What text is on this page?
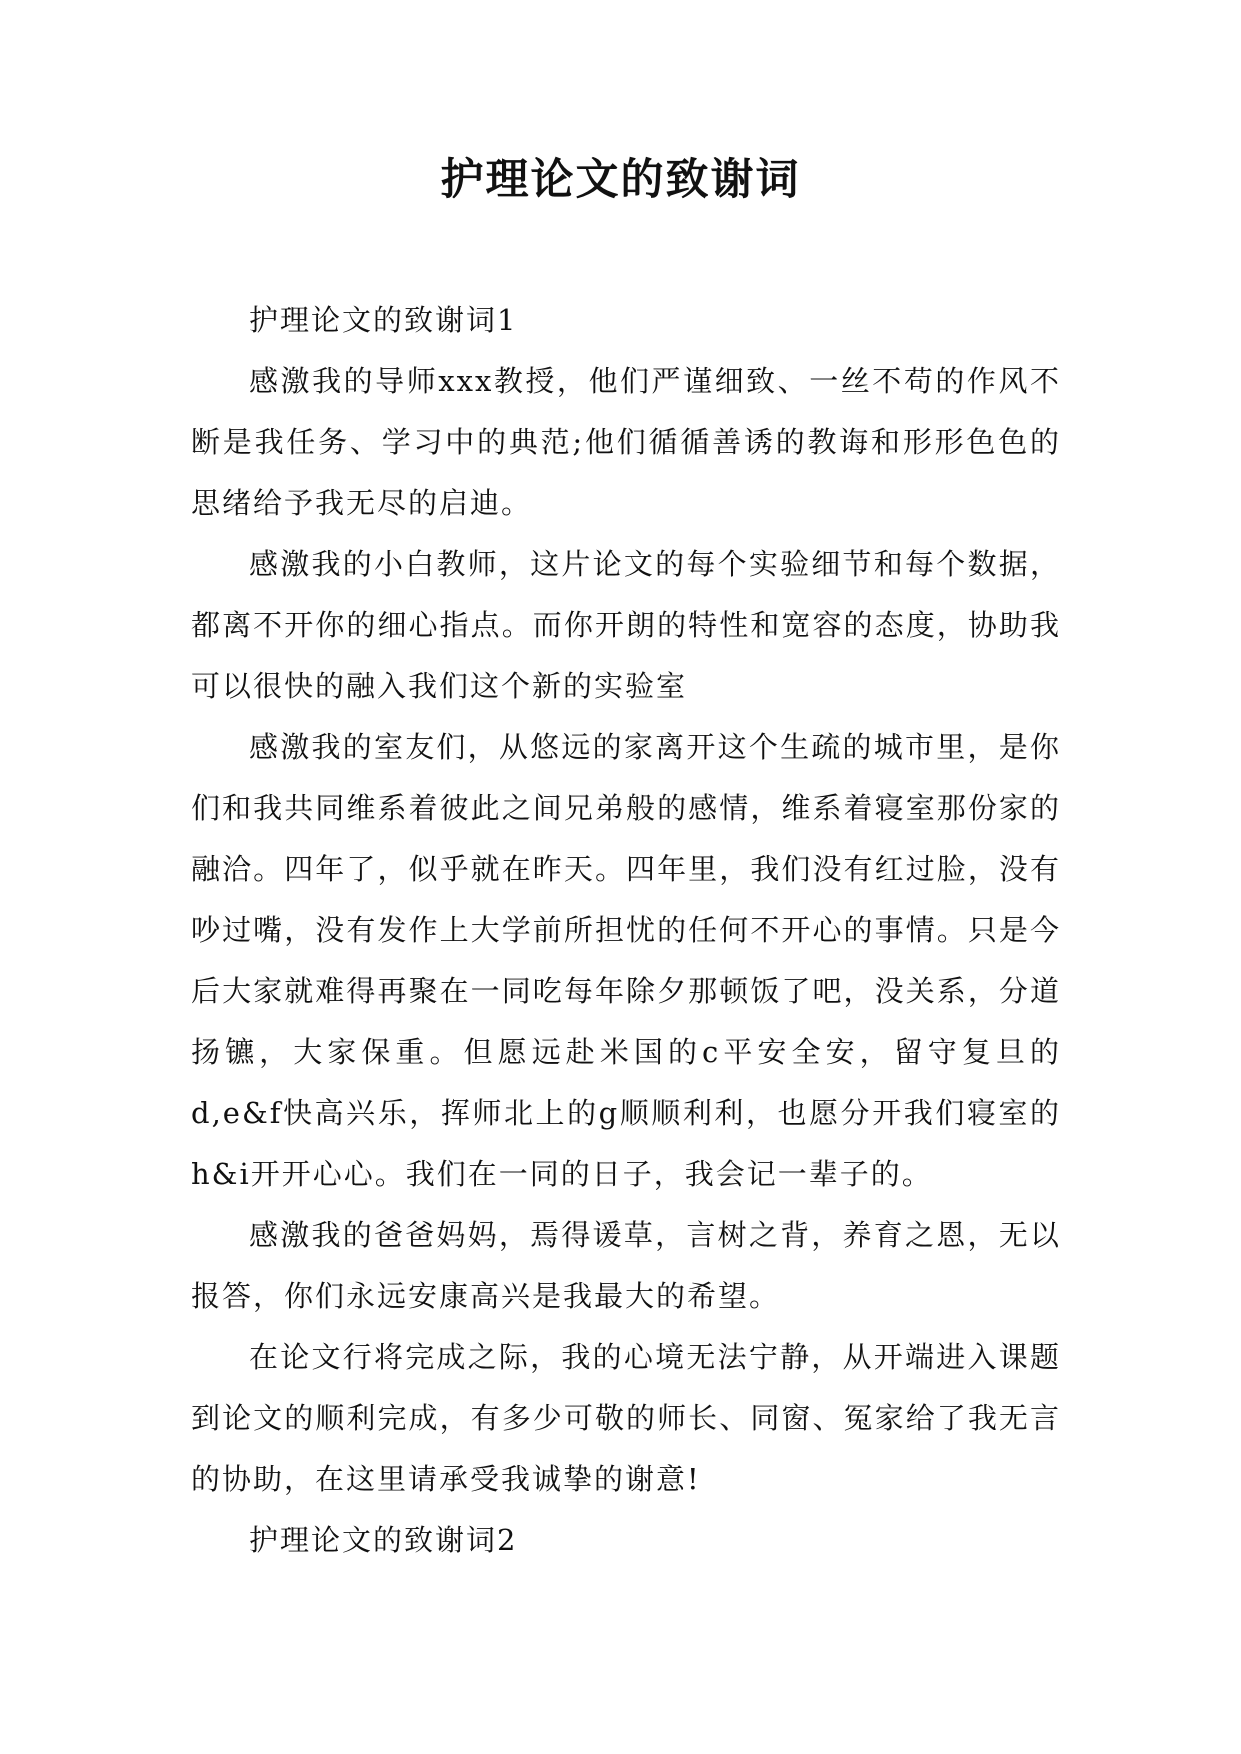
护理论文的致谢词

护理论文的致谢词1

感激我的导师xxx教授，他们严谨细致、一丝不苟的作风不断是我任务、学习中的典范;他们循循善诱的教诲和形形色色的思绪给予我无尽的启迪。

感激我的小白教师，这片论文的每个实验细节和每个数据，都离不开你的细心指点。而你开朗的特性和宽容的态度，协助我可以很快的融入我们这个新的实验室

感激我的室友们，从悠远的家离开这个生疏的城市里，是你们和我共同维系着彼此之间兄弟般的感情，维系着寝室那份家的融洽。四年了，似乎就在昨天。四年里，我们没有红过脸，没有吵过嘴，没有发作上大学前所担忧的任何不开心的事情。只是今后大家就难得再聚在一同吃每年除夕那顿饭了吧，没关系，分道扬镳，大家保重。但愿远赴米国的c平安全安，留守复旦的d,e&f快高兴乐，挥师北上的g顺顺利利，也愿分开我们寝室的h&i开开心心。我们在一同的日子，我会记一辈子的。

感激我的爸爸妈妈，焉得谖草，言树之背，养育之恩，无以报答，你们永远安康高兴是我最大的希望。

在论文行将完成之际，我的心境无法宁静，从开端进入课题到论文的顺利完成，有多少可敬的师长、同窗、冤家给了我无言的协助，在这里请承受我诚挚的谢意!

护理论文的致谢词2
